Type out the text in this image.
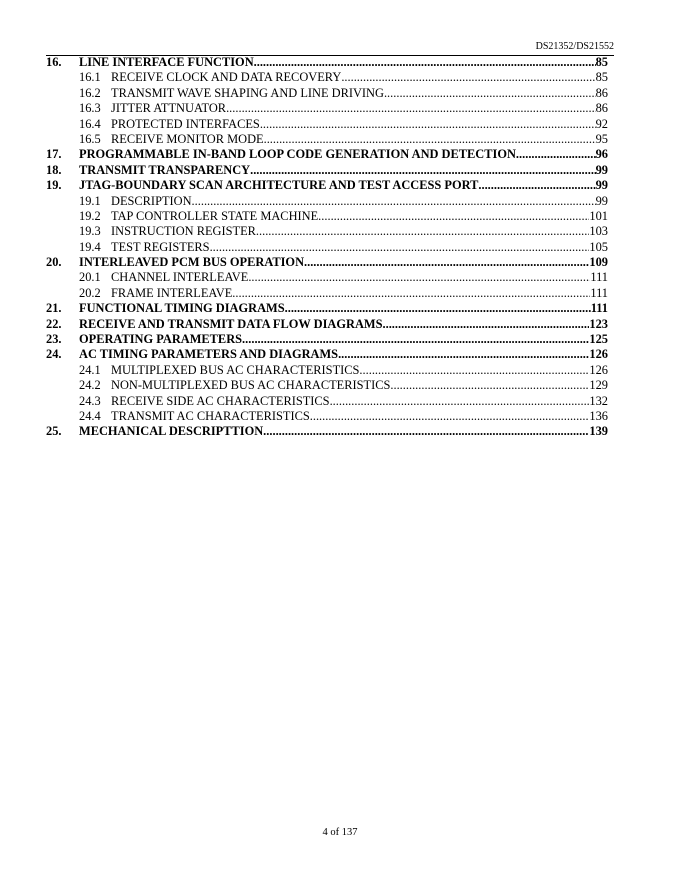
DS21352/DS21552
16.	LINE INTERFACE FUNCTION .....	85
16.1 RECEIVE CLOCK AND DATA RECOVERY .....	85
16.2 TRANSMIT WAVE SHAPING AND LINE DRIVING .....	86
16.3 JITTER ATTNUATOR .....	86
16.4 PROTECTED INTERFACES .....	92
16.5 RECEIVE MONITOR MODE .....	95
17.	PROGRAMMABLE IN-BAND LOOP CODE GENERATION AND DETECTION .....	96
18.	TRANSMIT TRANSPARENCY .....	99
19.	JTAG-BOUNDARY SCAN ARCHITECTURE AND TEST ACCESS PORT .....	99
19.1 DESCRIPTION .....	99
19.2 TAP CONTROLLER STATE MACHINE .....	101
19.3 INSTRUCTION REGISTER .....	103
19.4 TEST REGISTERS .....	105
20.	INTERLEAVED PCM BUS OPERATION .....	109
20.1 CHANNEL INTERLEAVE .....	111
20.2 FRAME INTERLEAVE .....	111
21.	FUNCTIONAL TIMING DIAGRAMS .....	111
22.	RECEIVE AND TRANSMIT DATA FLOW DIAGRAMS .....	123
23.	OPERATING PARAMETERS .....	125
24.	AC TIMING PARAMETERS AND DIAGRAMS .....	126
24.1 MULTIPLEXED BUS AC CHARACTERISTICS .....	126
24.2 NON-MULTIPLEXED BUS AC CHARACTERISTICS .....	129
24.3 RECEIVE SIDE AC CHARACTERISTICS .....	132
24.4 TRANSMIT AC CHARACTERISTICS .....	136
25.	MECHANICAL DESCRIPTTION .....	139
4 of 137
